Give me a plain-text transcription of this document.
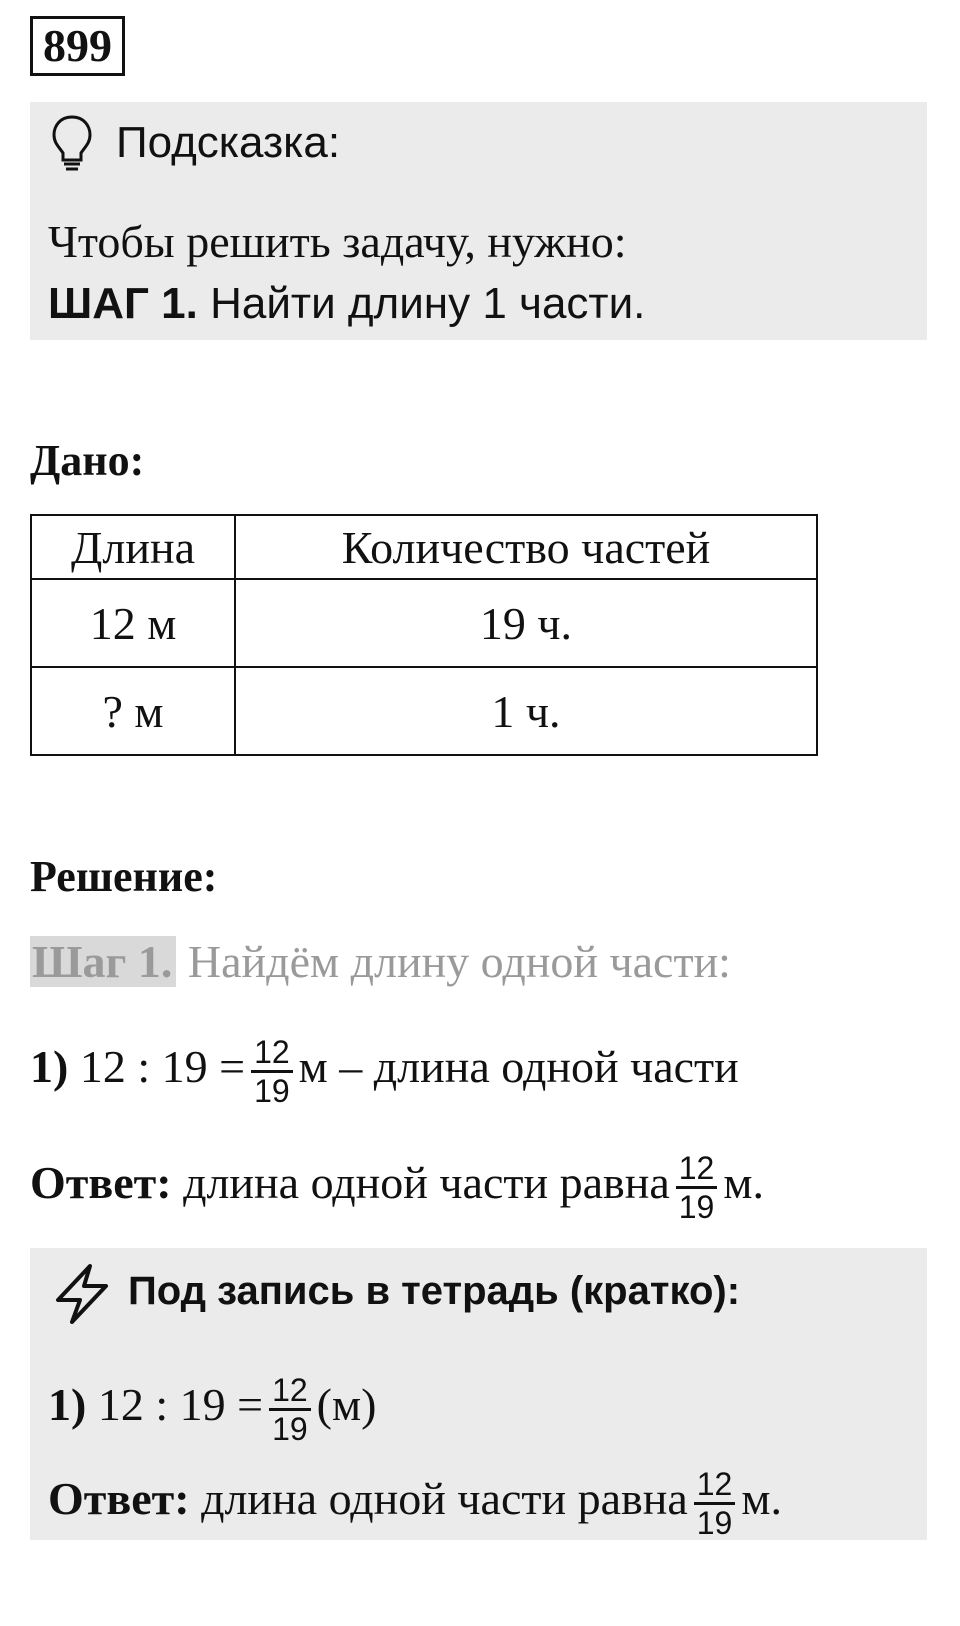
899
Подсказка:
Чтобы решить задачу, нужно:
ШАГ 1. Найти длину 1 части.
Дано:
Длина	Количество частей
12 м	19 ч.
? м	1 ч.
Решение:
Шаг 1. Найдём длину одной части:
1) 12 : $19 = \frac{12}{19}$ м – длина одной части
Ответ: длина одной части равна $\frac{12}{19} м$.
Под запись в тетрадь (кратко):
1) 12 : $19 = \frac{12}{19} (м)$
Ответ: длина одной части равна $\frac{12}{19} м$.
